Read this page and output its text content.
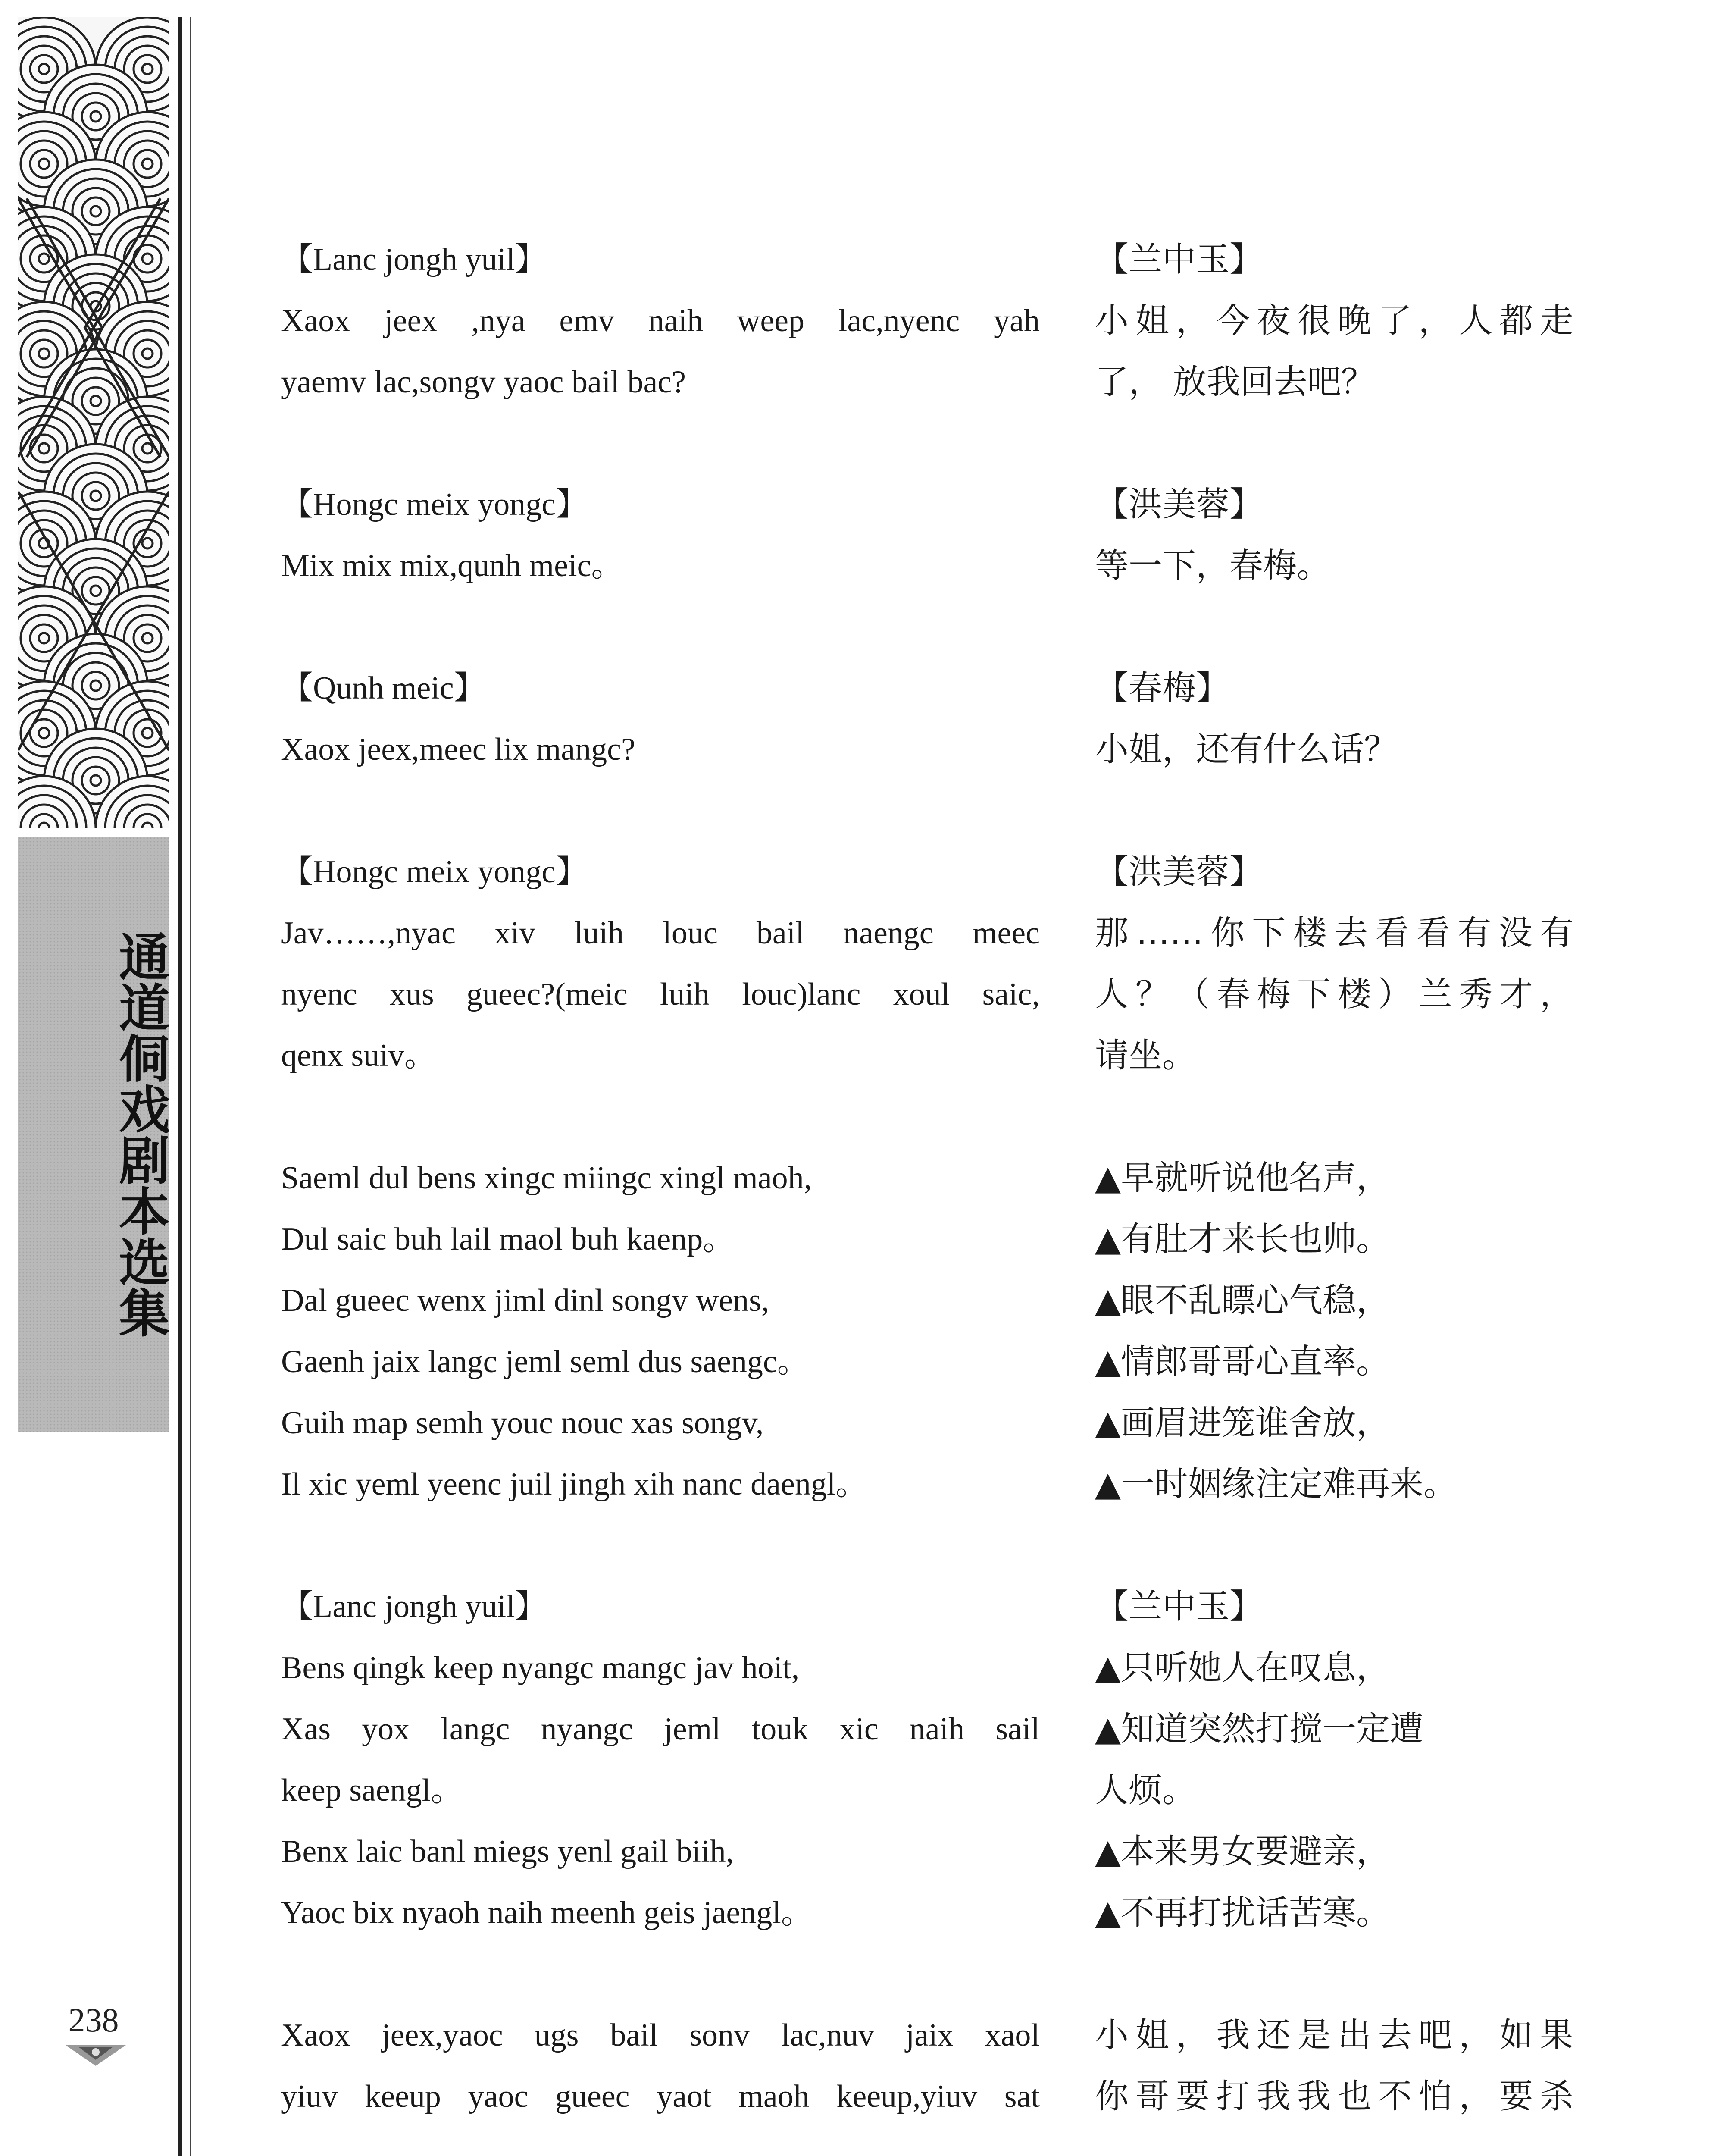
通道侗戏剧本选集
238
【Lanc jongh yuil】	【兰中玉】
Xaox jeex ,nya emv naih weep lac,nyenc yah 小姐，今夜很晚了，人都走
yaemv lac,songv yaoc bail bac?	了， 放我回去吧？
【Hongc meix yongc】	【洪美蓉】
Mix mix mix,qunh meic。	等一下，春梅。
【Qunh meic】	【春梅】
Xaox jeex,meec lix mangc?	小姐，还有什么话？
【Hongc meix yongc】	【洪美蓉】
Jav……,nyac xiv luih louc bail naengc meec 那……你下楼去看看有没有
nyenc xus gueec?(meic luih louc)lanc xoul saic, 人？（春梅下楼）兰秀才，
qenx suiv。	请坐。
Saeml dul bens xingc miingc xingl maoh,	▲早就听说他名声，
Dul saic buh lail maol buh kaenp。	▲有肚才来长也帅。
Dal gueec wenx jiml dinl songv wens,	▲眼不乱瞟心气稳，
Gaenh jaix langc jeml seml dus saengc。	▲情郎哥哥心直率。
Guih map semh youc nouc xas songv,	▲画眉进笼谁舍放，
Il xic yeml yeenc juil jingh xih nanc daengl。	▲一时姻缘注定难再来。
【Lanc jongh yuil】	【兰中玉】
Bens qingk keep nyangc mangc jav hoit,	▲只听她人在叹息，
Xas yox langc nyangc jeml touk xic naih sail ▲知道突然打搅一定遭
keep saengl。	人烦。
Benx laic banl miegs yenl gail biih,	▲本来男女要避亲，
Yaoc bix nyaoh naih meenh geis jaengl。	▲不再打扰话苦寒。
Xaox jeex,yaoc ugs bail sonv lac,nuv jaix xaol 小姐，我还是出去吧，如果
yiuv keeup yaoc gueec yaot maoh keeup,yiuv sat 你哥要打我我也不怕，要杀
